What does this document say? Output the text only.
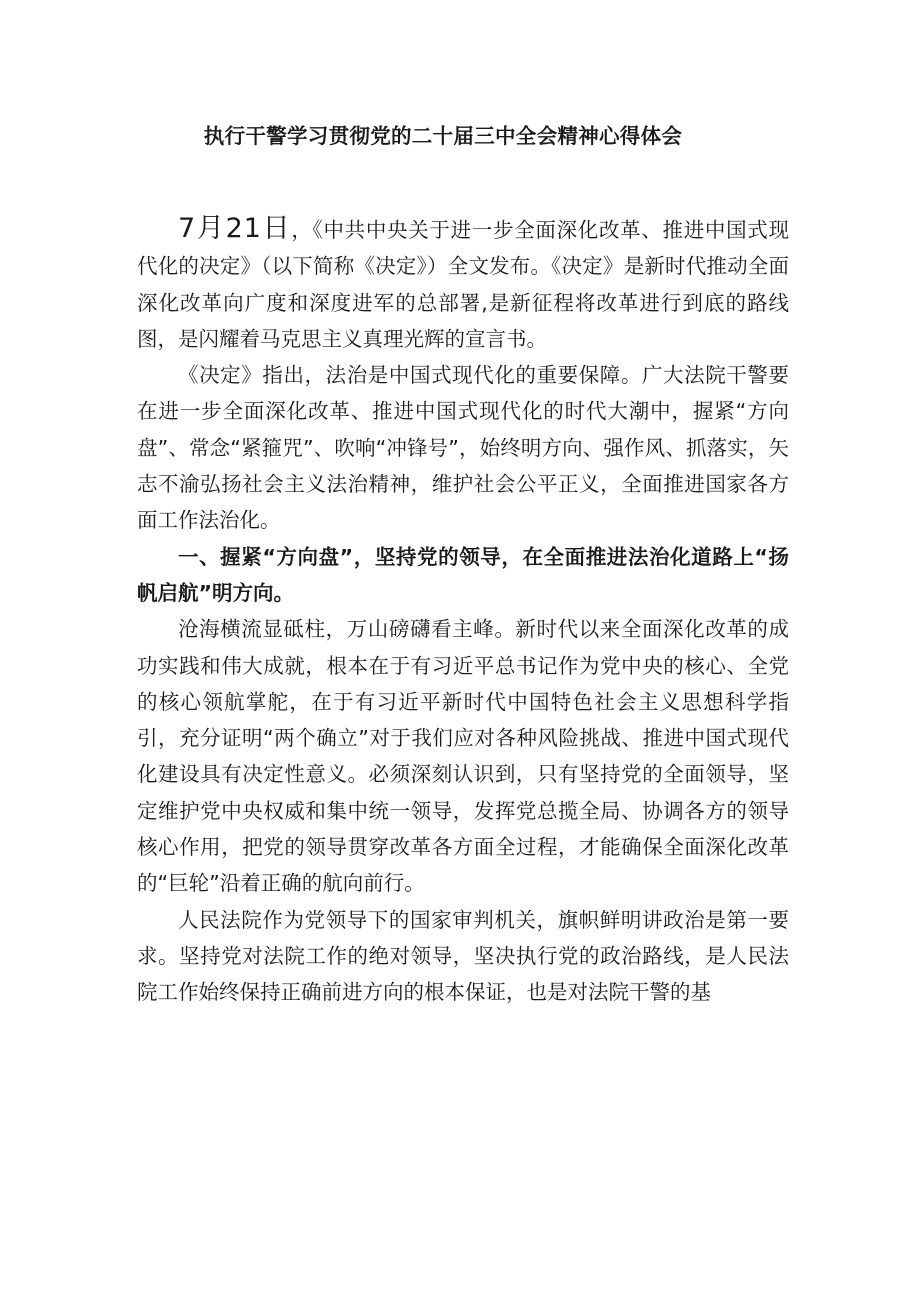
执行干警学习贯彻党的二十届三中全会精神心得体会

7月21日，《中共中央关于进一步全面深化改革、推进中国式现代化的决定》（以下简称《决定》）全文发布。《决定》是新时代推动全面深化改革向广度和深度进军的总部署,是新征程将改革进行到底的路线图，是闪耀着马克思主义真理光辉的宣言书。

《决定》指出，法治是中国式现代化的重要保障。广大法院干警要在进一步全面深化改革、推进中国式现代化的时代大潮中，握紧“方向盘”、常念“紧箍咒”、吹响“冲锋号”，始终明方向、强作风、抓落实，矢志不渝弘扬社会主义法治精神，维护社会公平正义，全面推进国家各方面工作法治化。

一、握紧“方向盘”，坚持党的领导，在全面推进法治化道路上“扬帆启航”明方向。

沧海横流显砥柱，万山磅礴看主峰。新时代以来全面深化改革的成功实践和伟大成就，根本在于有习近平总书记作为党中央的核心、全党的核心领航掌舵，在于有习近平新时代中国特色社会主义思想科学指引，充分证明“两个确立”对于我们应对各种风险挑战、推进中国式现代化建设具有决定性意义。必须深刻认识到，只有坚持党的全面领导，坚定维护党中央权威和集中统一领导，发挥党总揽全局、协调各方的领导核心作用，把党的领导贯穿改革各方面全过程，才能确保全面深化改革的“巨轮”沿着正确的航向前行。

人民法院作为党领导下的国家审判机关，旗帜鲜明讲政治是第一要求。坚持党对法院工作的绝对领导，坚决执行党的政治路线，是人民法院工作始终保持正确前进方向的根本保证，也是对法院干警的基
